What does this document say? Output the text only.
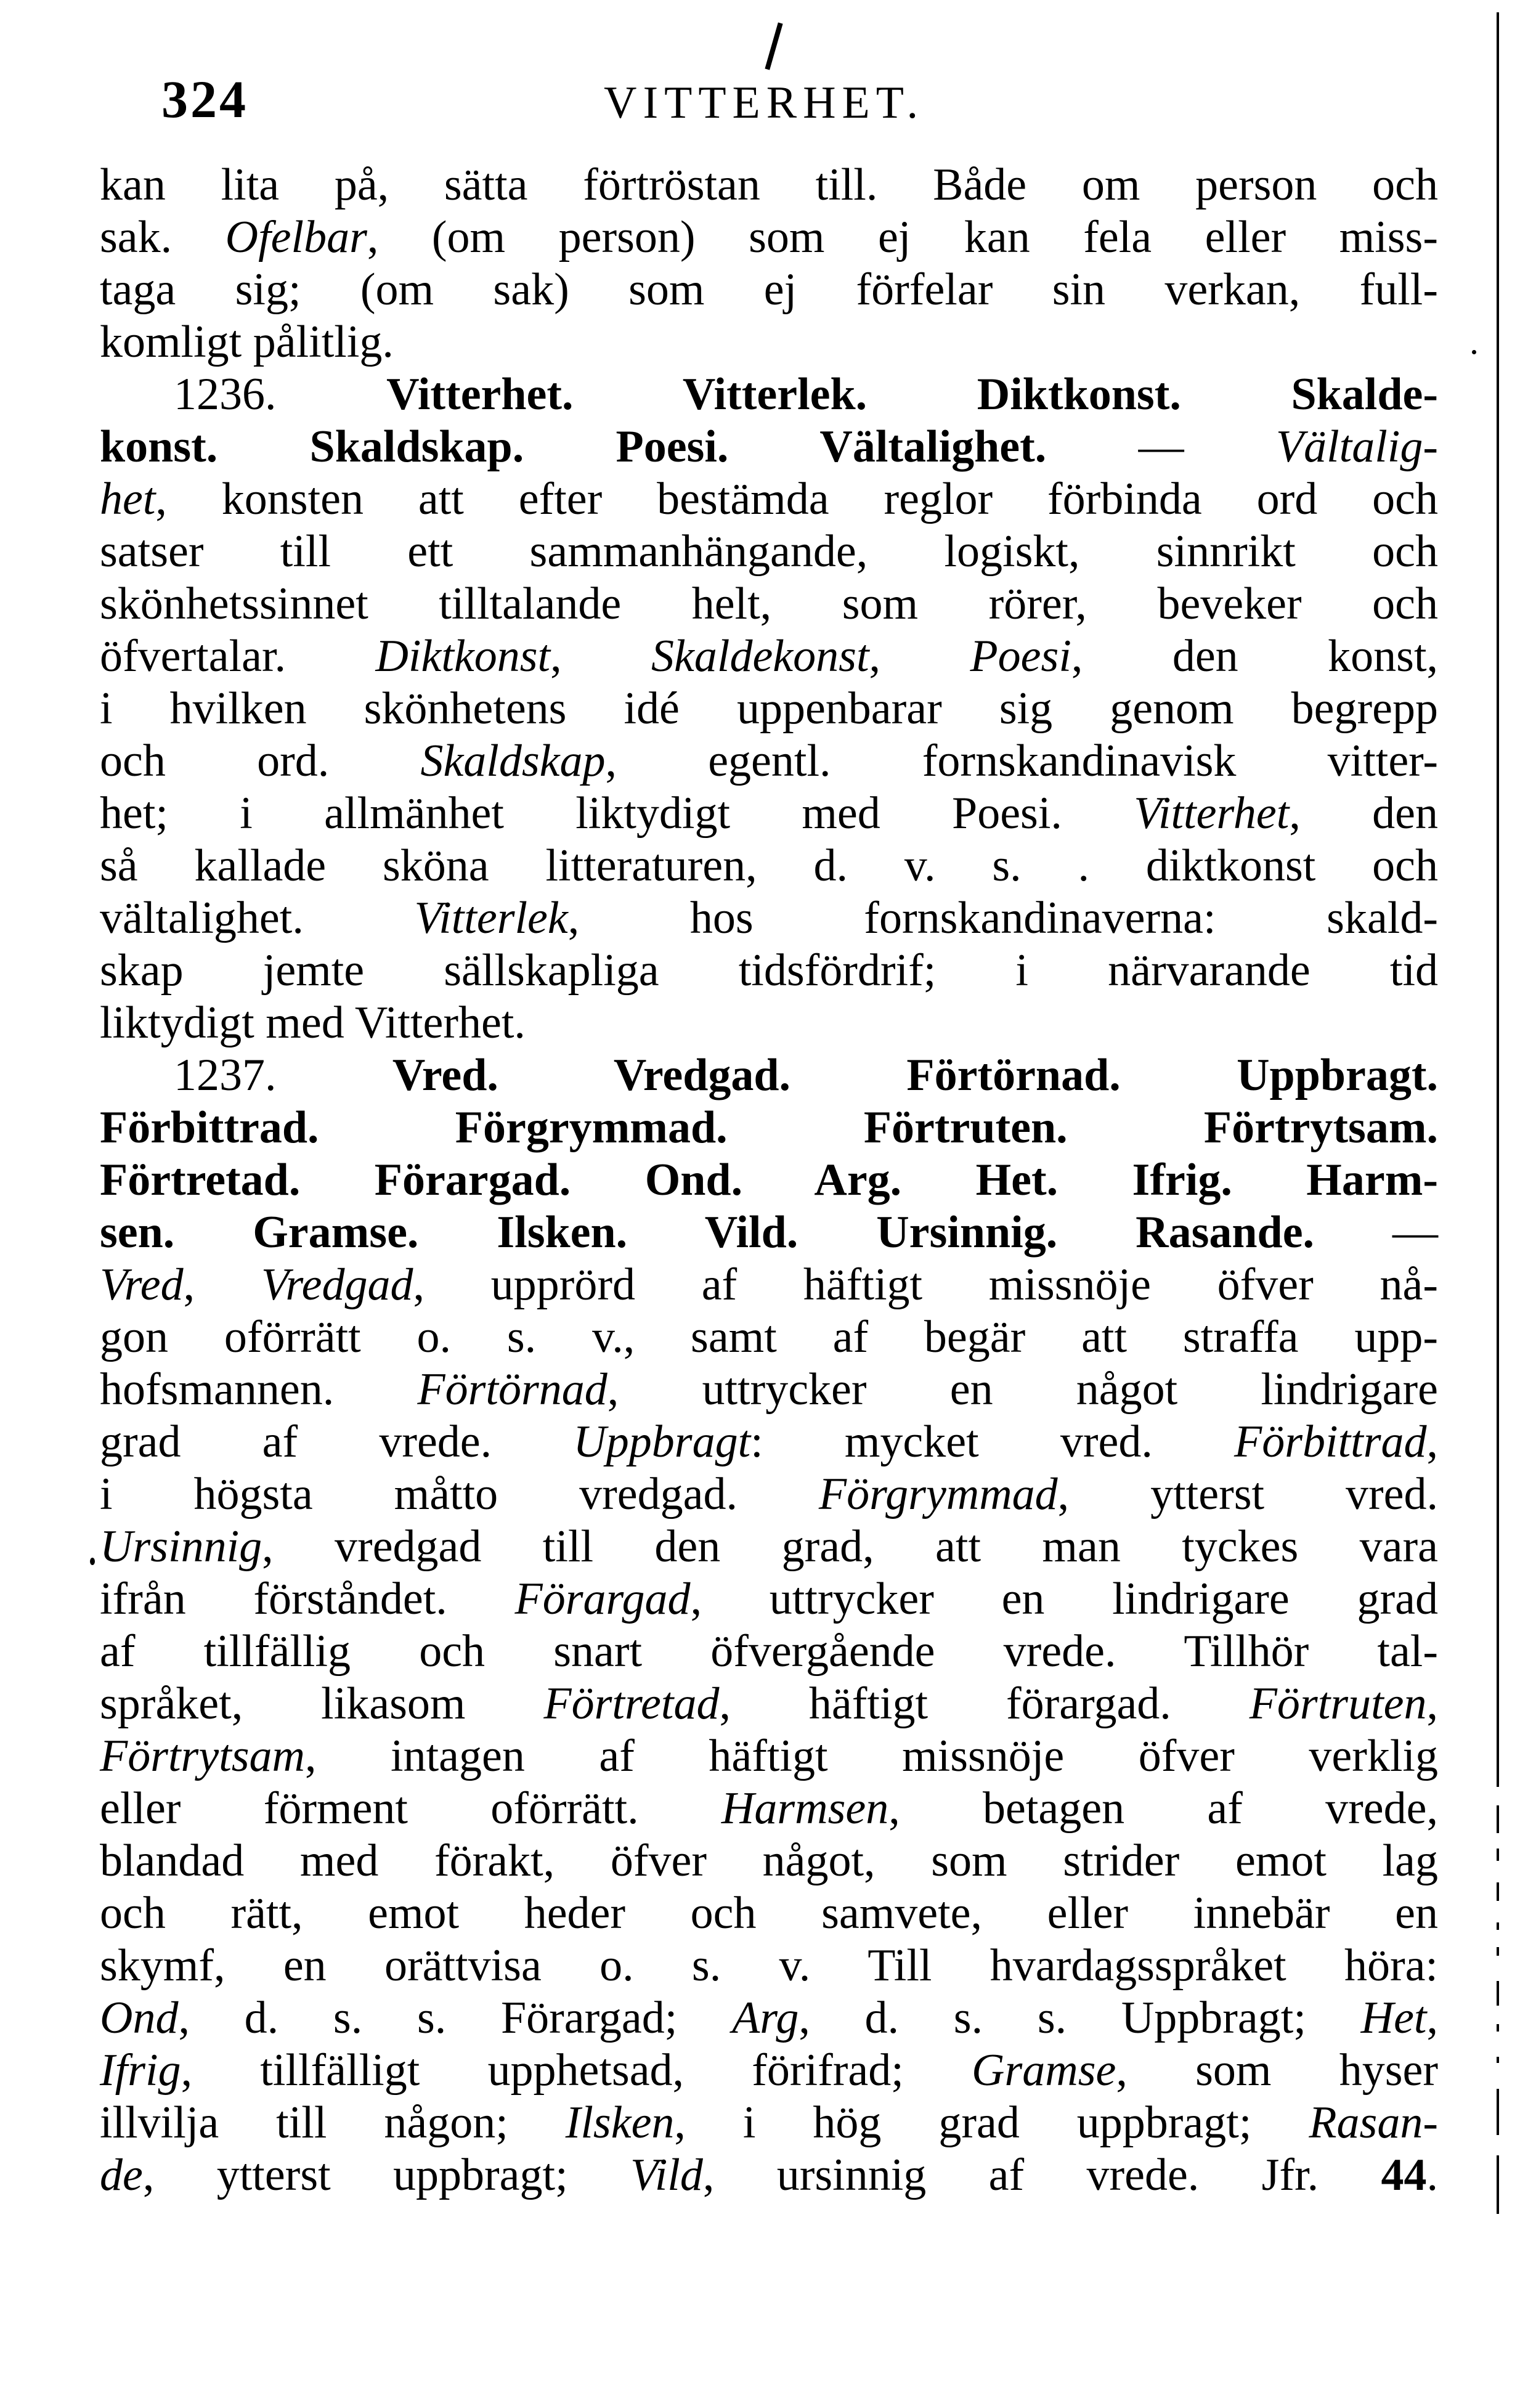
324	VITTERHET.
kan lita på, sätta förtröstan till. Både om person och
sak. Ofelbar, (om person) som ej kan fela eller miss-
taga sig; (om sak) som ej förfelar sin verkan, full-
komligt pålitlig.
1236. Vitterhet. Vitterlek. Diktkonst. Skalde-
konst. Skaldskap. Poesi. Vältalighet. — Vältalig-
het, konsten att efter bestämda reglor förbinda ord och
satser till ett sammanhängande, logiskt, sinnrikt och
skönhetssinnet tilltalande helt, som rörer, beveker och
öfvertalar. Diktkonst, Skaldekonst, Poesi, den konst,
i hvilken skönhetens idé uppenbarar sig genom begrepp
och ord. Skaldskap, egentl. fornskandinavisk vitter-
het; i allmänhet liktydigt med Poesi. Vitterhet, den
så kallade sköna litteraturen, d. v. s. . diktkonst och
vältalighet. Vitterlek, hos fornskandinaverna: skald-
skap jemte sällskapliga tidsfördrif; i närvarande tid
liktydigt med Vitterhet.
1237. Vred. Vredgad. Förtörnad. Uppbragt.
Förbittrad. Förgrymmad. Förtruten. Förtrytsam.
Förtretad. Förargad. Ond. Arg. Het. Ifrig. Harm-
sen. Gramse. Ilsken. Vild. Ursinnig. Rasande. —
Vred, Vredgad, upprörd af häftigt missnöje öfver nå-
gon oförrätt o. s. v., samt af begär att straffa upp-
hofsmannen. Förtörnad, uttrycker en något lindrigare
grad af vrede. Uppbragt: mycket vred. Förbittrad,
i högsta måtto vredgad. Förgrymmad, ytterst vred.
Ursinnig, vredgad till den grad, att man tyckes vara
ifrån förståndet. Förargad, uttrycker en lindrigare grad
af tillfällig och snart öfvergående vrede. Tillhör tal-
språket, likasom Förtretad, häftigt förargad. Förtruten,
Förtrytsam, intagen af häftigt missnöje öfver verklig
eller förment oförrätt. Harmsen, betagen af vrede,
blandad med förakt, öfver något, som strider emot lag
och rätt, emot heder och samvete, eller innebär en
skymf, en orättvisa o. s. v. Till hvardagsspråket höra:
Ond, d. s. s. Förargad; Arg, d. s. s. Uppbragt; Het,
Ifrig, tillfälligt upphetsad, förifrad; Gramse, som hyser
illvilja till någon; Ilsken, i hög grad uppbragt; Rasan-
de, ytterst uppbragt; Vild, ursinnig af vrede. Jfr. 44.
